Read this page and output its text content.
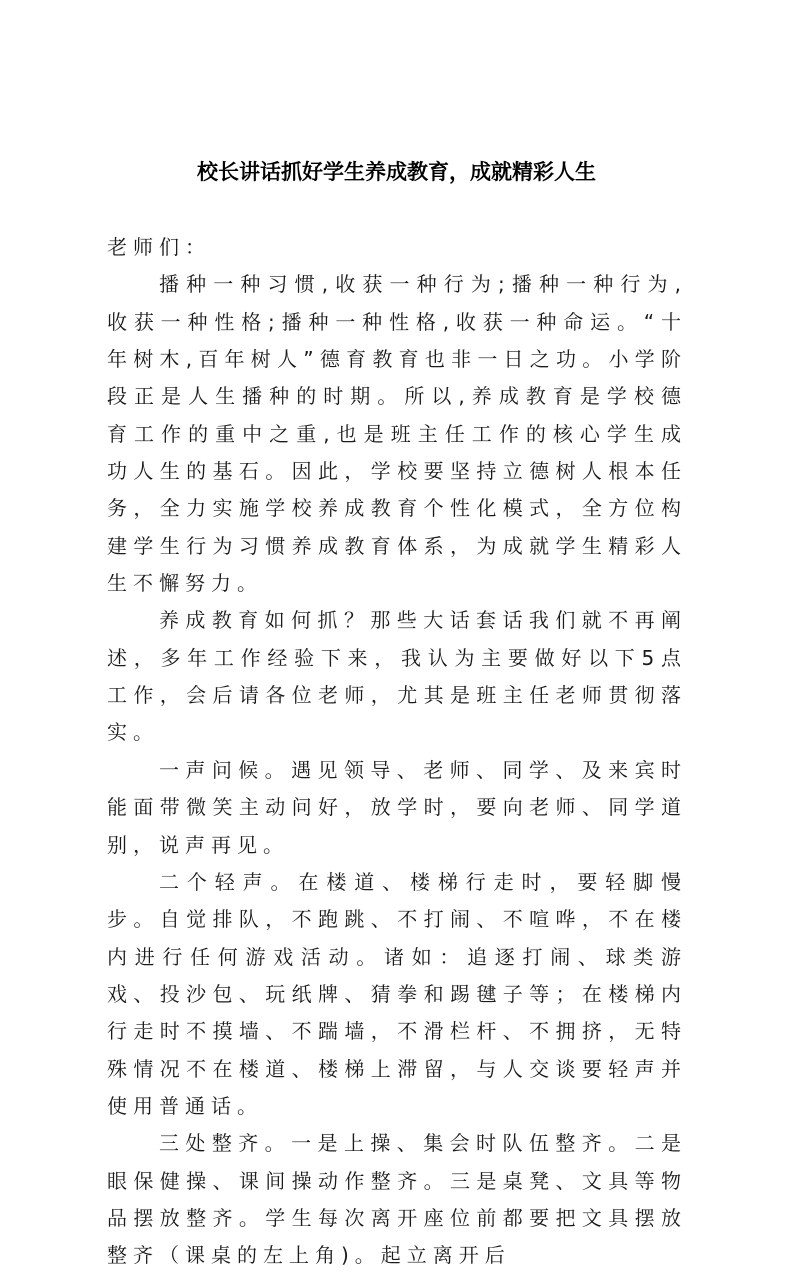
校长讲话抓好学生养成教育，成就精彩人生

老师们：

播种一种习惯,收获一种行为;播种一种行为,收获一种性格;播种一种性格,收获一种命运。“十年树木,百年树人”德育教育也非一日之功。小学阶段正是人生播种的时期。所以,养成教育是学校德育工作的重中之重,也是班主任工作的核心学生成功人生的基石。因此，学校要坚持立德树人根本任务，全力实施学校养成教育个性化模式，全方位构建学生行为习惯养成教育体系，为成就学生精彩人生不懈努力。

养成教育如何抓？那些大话套话我们就不再阐述，多年工作经验下来，我认为主要做好以下5点工作，会后请各位老师，尤其是班主任老师贯彻落实。

一声问候。遇见领导、老师、同学、及来宾时能面带微笑主动问好，放学时，要向老师、同学道别，说声再见。

二个轻声。在楼道、楼梯行走时，要轻脚慢步。自觉排队，不跑跳、不打闹、不喧哗，不在楼内进行任何游戏活动。诸如：追逐打闹、球类游戏、投沙包、玩纸牌、猜拳和踢毽子等；在楼梯内行走时不摸墙、不踹墙，不滑栏杆、不拥挤，无特殊情况不在楼道、楼梯上滞留，与人交谈要轻声并使用普通话。

三处整齐。一是上操、集会时队伍整齐。二是眼保健操、课间操动作整齐。三是桌凳、文具等物品摆放整齐。学生每次离开座位前都要把文具摆放整齐（课桌的左上角)。起立离开后
